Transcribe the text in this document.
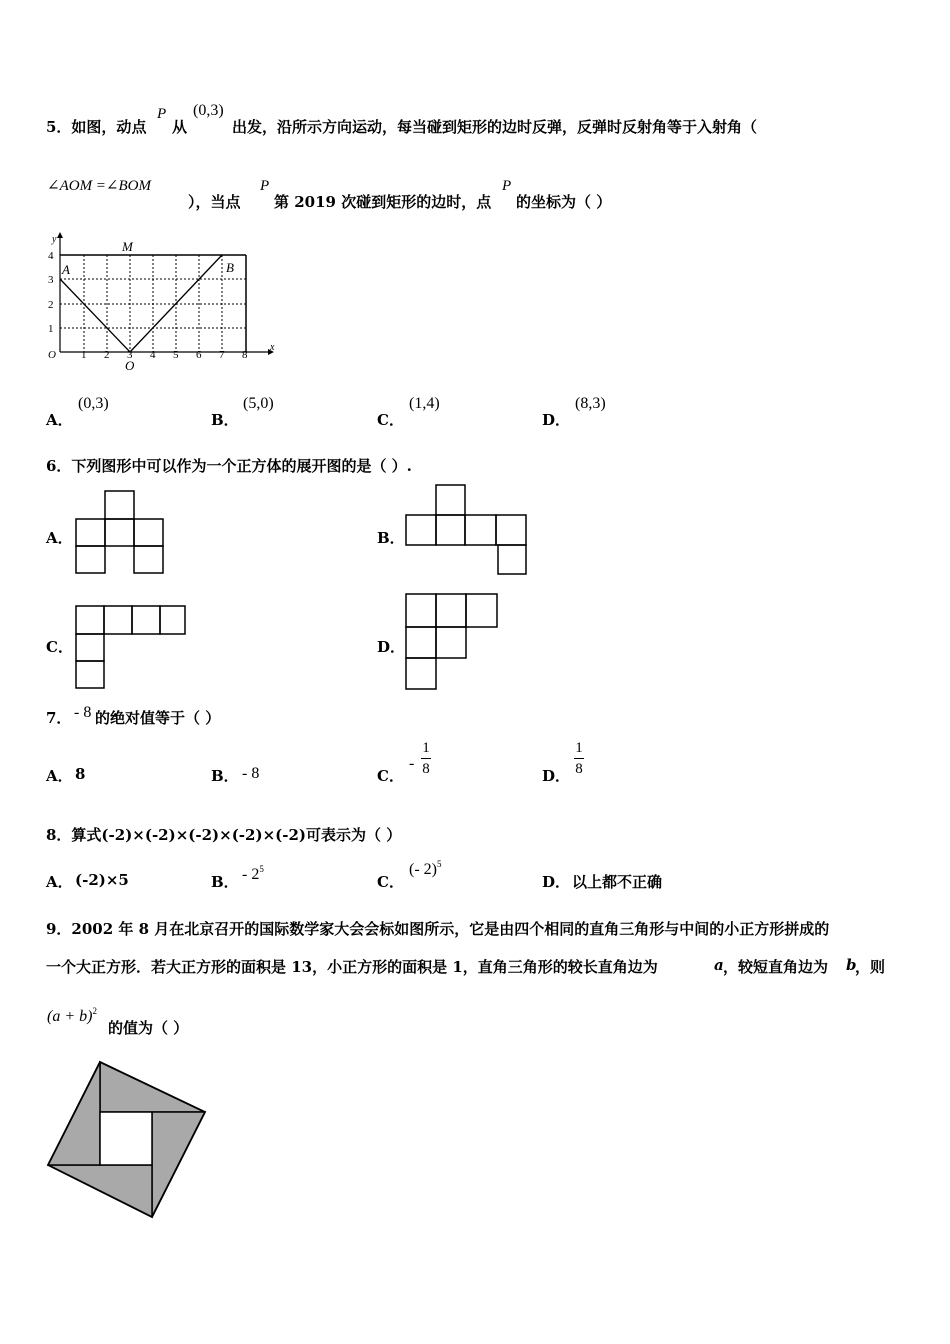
5．如图，动点
P
从
(0,3)
出发，沿所示方向运动，每当碰到矩形的边时反弹，反弹时反射角等于入射角（
∠AOM =∠BOM
），当点
P
第 2019 次碰到矩形的边时，点
P
的坐标为（ ）
y
x
O 1 2 3 4 5 6 7 8
1
2
3
4
A
M
B
O
A．
(0,3)
B．
(5,0)
C．
(1,4)
D．
(8,3)
6．下列图形中可以作为一个正方体的展开图的是（ ）.
A．	B．
C．	D．
7． - 8 的绝对值等于（ ）
A． 8	B． - 8	C．
-
1
8	D．
1
8
8．算式(-2)×(-2)×(-2)×(-2)×(-2)可表示为（ ）
A． (-2)×5	B． - $2^5$
C．
(- 2)$^5$
D． 以上都不正确
9．2002 年 8 月在北京召开的国际数学家大会会标如图所示，它是由四个相同的直角三角形与中间的小正方形拼成的
一个大正方形．若大正方形的面积是 13，小正方形的面积是 1，直角三角形的较长直角边为	a ，较短直角边为 b
，则
$(a + b)^2$
的值为（ ）
